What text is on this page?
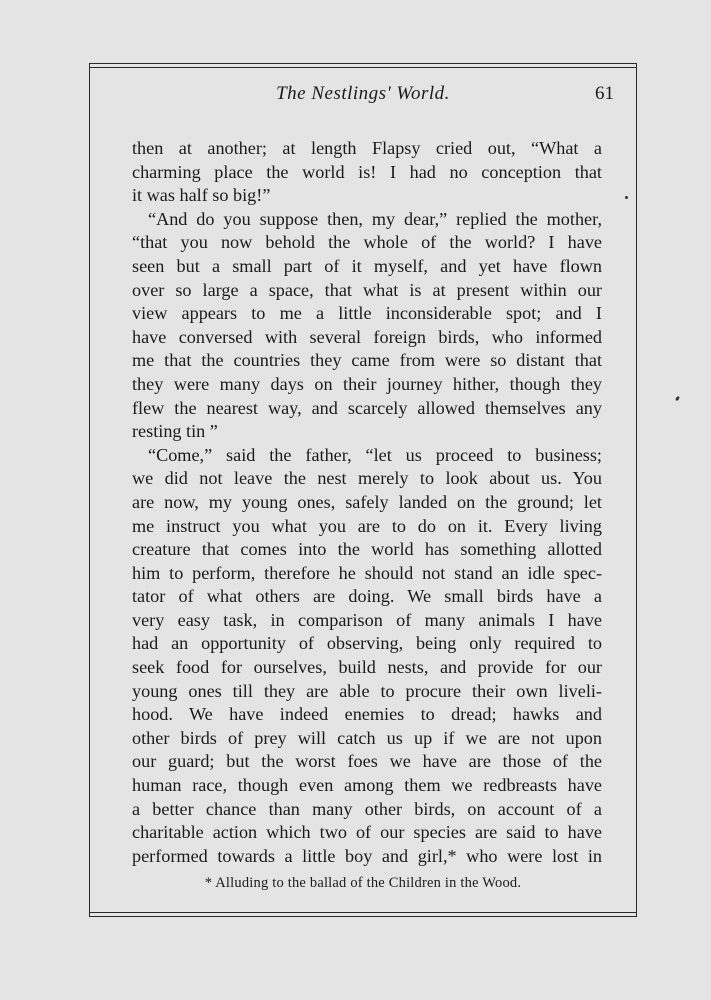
The Nestlings' World.	61

then at another; at length Flapsy cried out, “What a
charming place the world is! I had no conception that
it was half so big!”

“And do you suppose then, my dear,” replied the mother,
“that you now behold the whole of the world? I have
seen but a small part of it myself, and yet have flown
over so large a space, that what is at present within our
view appears to me a little inconsiderable spot; and I
have conversed with several foreign birds, who informed
me that the countries they came from were so distant that
they were many days on their journey hither, though they
flew the nearest way, and scarcely allowed themselves any
resting tin ”

“Come,” said the father, “let us proceed to business;
we did not leave the nest merely to look about us. You
are now, my young ones, safely landed on the ground; let
me instruct you what you are to do on it. Every living
creature that comes into the world has something allotted
him to perform, therefore he should not stand an idle spec-
tator of what others are doing. We small birds have a
very easy task, in comparison of many animals I have
had an opportunity of observing, being only required to
seek food for ourselves, build nests, and provide for our
young ones till they are able to procure their own liveli-
hood. We have indeed enemies to dread; hawks and
other birds of prey will catch us up if we are not upon
our guard; but the worst foes we have are those of the
human race, though even among them we redbreasts have
a better chance than many other birds, on account of a
charitable action which two of our species are said to have
performed towards a little boy and girl,* who were lost in

* Alluding to the ballad of the Children in the Wood.
